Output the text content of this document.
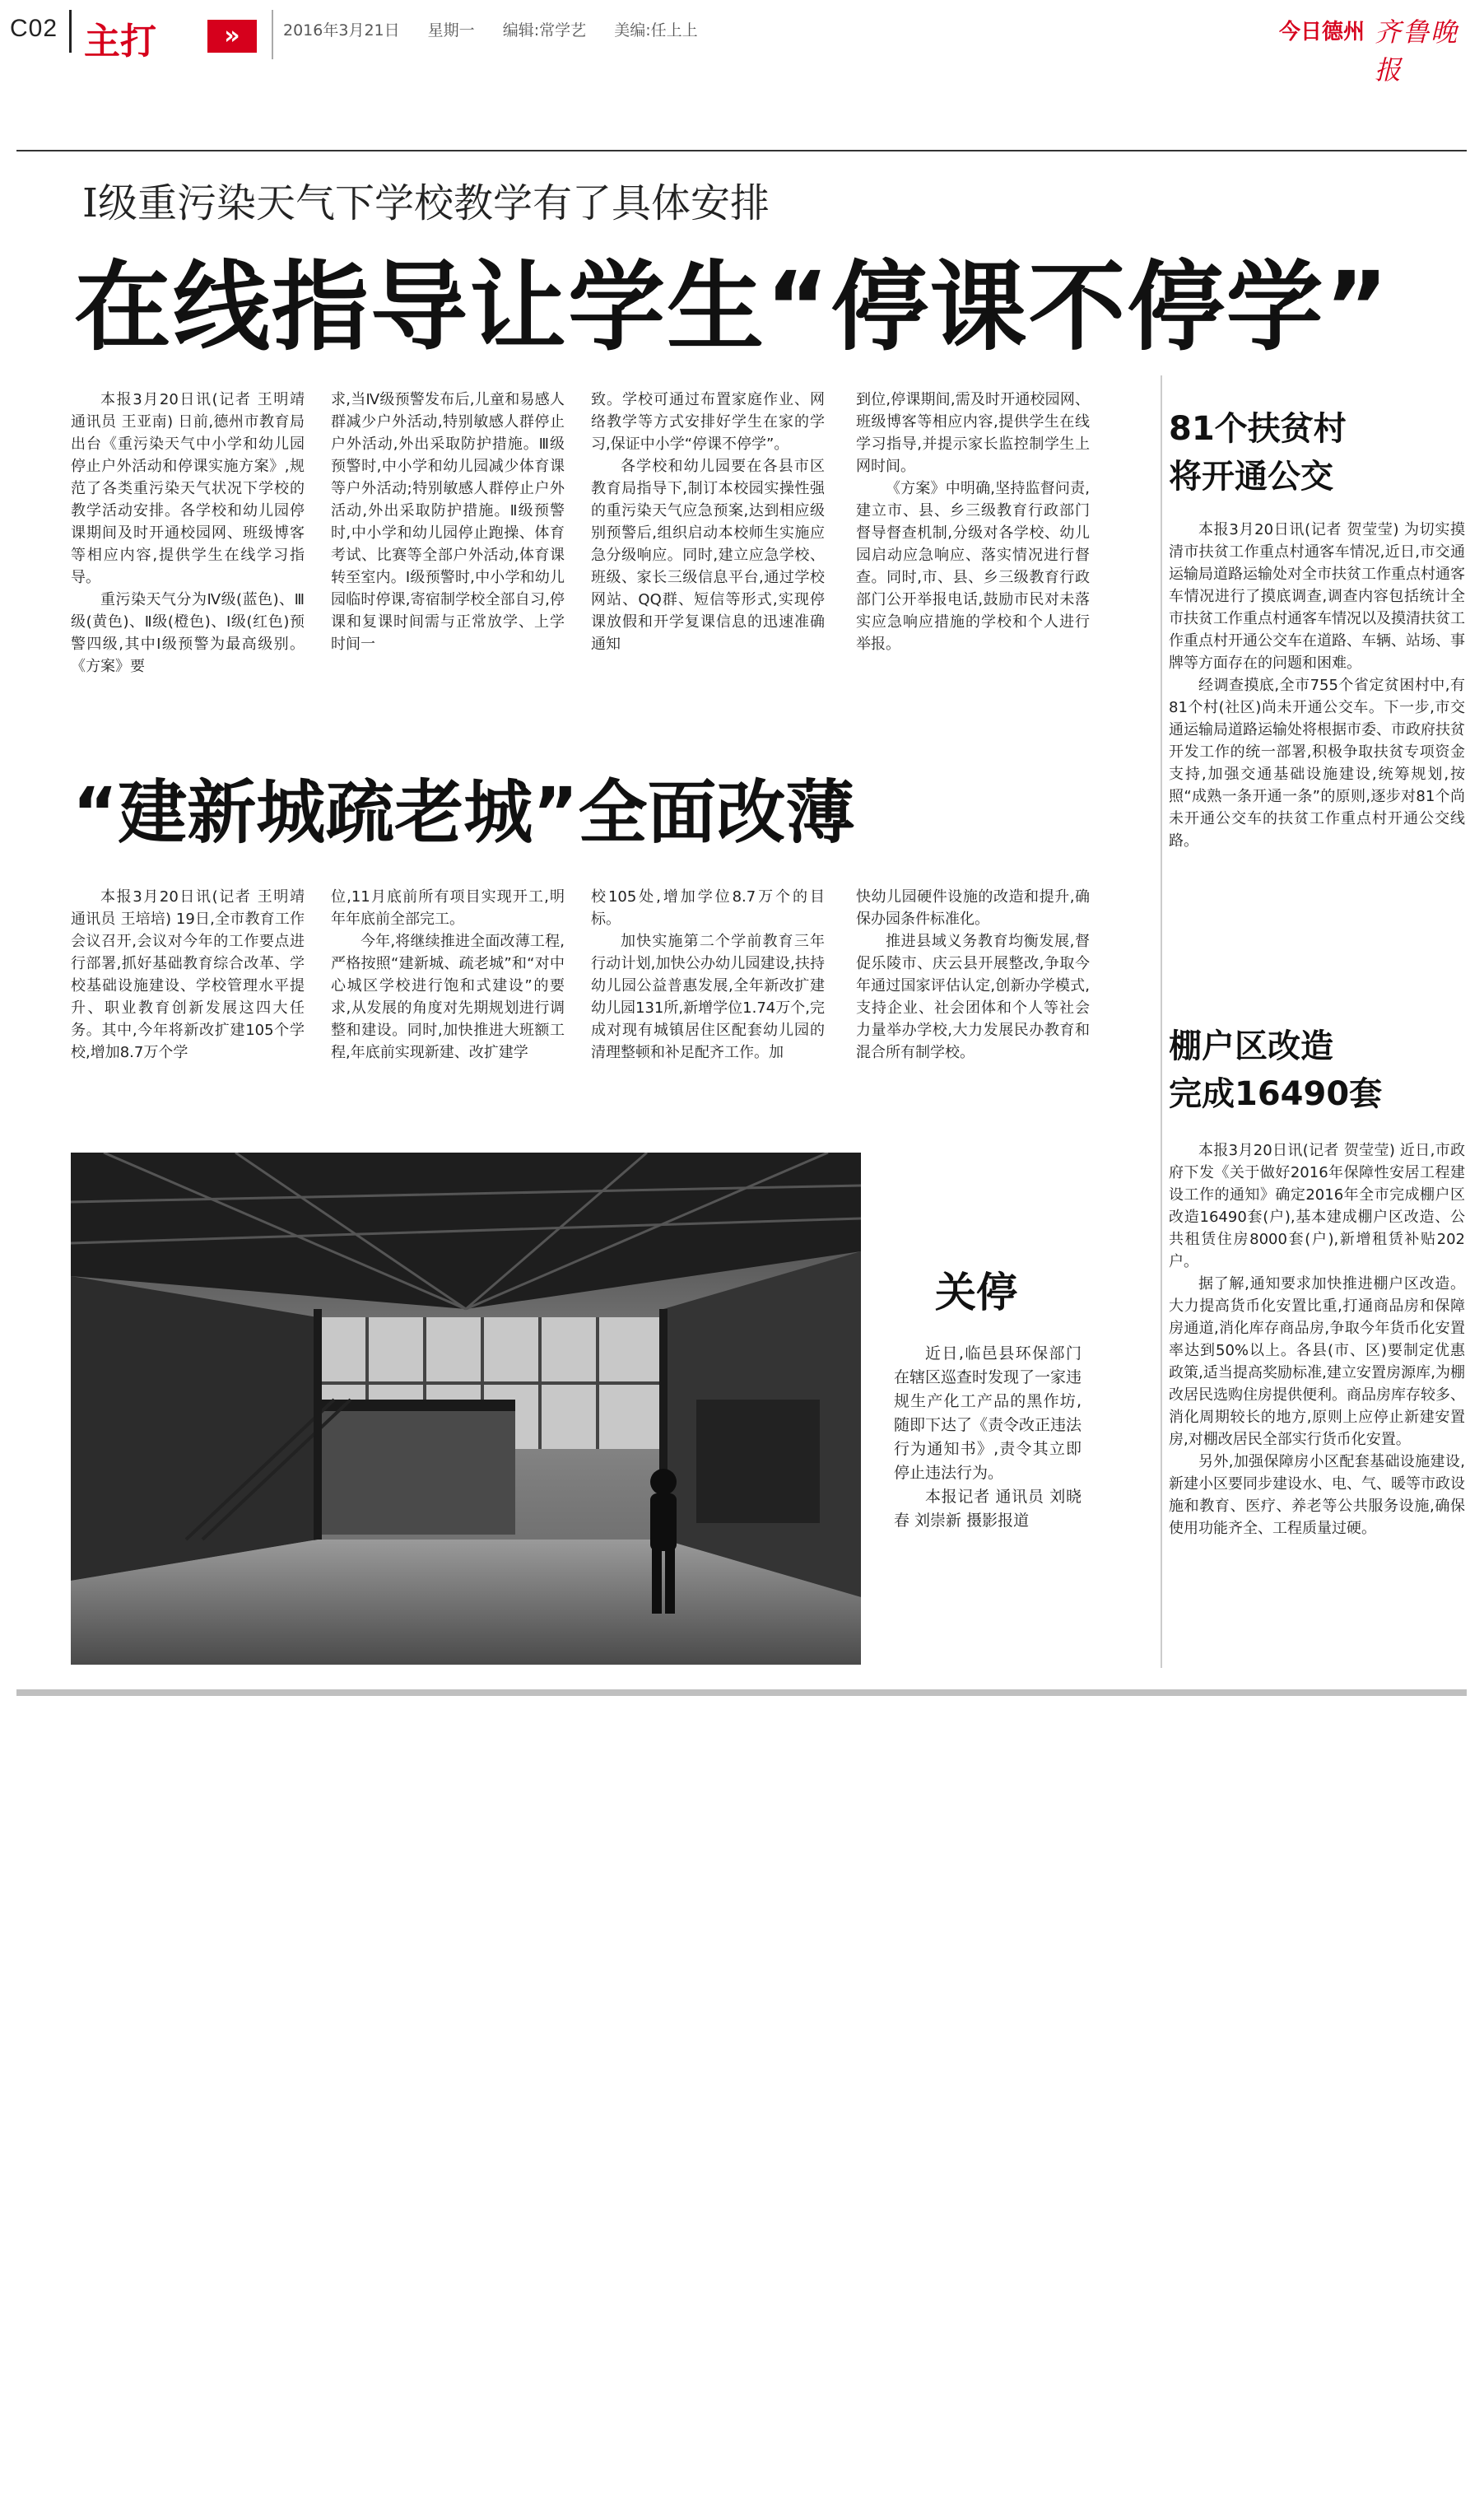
C02 主打	»	2016年3月21日 星期一 编辑:常学艺 美编:任上上	今日德州 齐鲁晚报
Ⅰ级重污染天气下学校教学有了具体安排
在线指导让学生“停课不停学”

本报3月20日讯(记者 王明靖 通讯员 王亚南) 日前,德州市教育局出台《重污染天气中小学和幼儿园停止户外活动和停课实施方案》,规范了各类重污染天气状况下学校的教学活动安排。各学校和幼儿园停课期间及时开通校园网、班级博客等相应内容,提供学生在线学习指导。

重污染天气分为Ⅳ级(蓝色)、Ⅲ级(黄色)、Ⅱ级(橙色)、Ⅰ级(红色)预警四级,其中Ⅰ级预警为最高级别。《方案》要

求,当Ⅳ级预警发布后,儿童和易感人群减少户外活动,特别敏感人群停止户外活动,外出采取防护措施。Ⅲ级预警时,中小学和幼儿园减少体育课等户外活动;特别敏感人群停止户外活动,外出采取防护措施。Ⅱ级预警时,中小学和幼儿园停止跑操、体育考试、比赛等全部户外活动,体育课转至室内。Ⅰ级预警时,中小学和幼儿园临时停课,寄宿制学校全部自习,停课和复课时间需与正常放学、上学时间一

致。学校可通过布置家庭作业、网络教学等方式安排好学生在家的学习,保证中小学“停课不停学”。

各学校和幼儿园要在各县市区教育局指导下,制订本校园实操性强的重污染天气应急预案,达到相应级别预警后,组织启动本校师生实施应急分级响应。同时,建立应急学校、班级、家长三级信息平台,通过学校网站、QQ群、短信等形式,实现停课放假和开学复课信息的迅速准确通知

到位,停课期间,需及时开通校园网、班级博客等相应内容,提供学生在线学习指导,并提示家长监控制学生上网时间。

《方案》中明确,坚持监督问责,建立市、县、乡三级教育行政部门督导督查机制,分级对各学校、幼儿园启动应急响应、落实情况进行督查。同时,市、县、乡三级教育行政部门公开举报电话,鼓励市民对未落实应急响应措施的学校和个人进行举报。

“建新城疏老城”全面改薄

本报3月20日讯(记者 王明靖 通讯员 王培培) 19日,全市教育工作会议召开,会议对今年的工作要点进行部署,抓好基础教育综合改革、学校基础设施建设、学校管理水平提升、职业教育创新发展这四大任务。其中,今年将新改扩建105个学校,增加8.7万个学

位,11月底前所有项目实现开工,明年年底前全部完工。

今年,将继续推进全面改薄工程,严格按照“建新城、疏老城”和“对中心城区学校进行饱和式建设”的要求,从发展的角度对先期规划进行调整和建设。同时,加快推进大班额工程,年底前实现新建、改扩建学

校105处,增加学位8.7万个的目标。

加快实施第二个学前教育三年行动计划,加快公办幼儿园建设,扶持幼儿园公益普惠发展,全年新改扩建幼儿园131所,新增学位1.74万个,完成对现有城镇居住区配套幼儿园的清理整顿和补足配齐工作。加

快幼儿园硬件设施的改造和提升,确保办园条件标准化。

推进县域义务教育均衡发展,督促乐陵市、庆云县开展整改,争取今年通过国家评估认定,创新办学模式,支持企业、社会团体和个人等社会力量举办学校,大力发展民办教育和混合所有制学校。

关停

近日,临邑县环保部门在辖区巡查时发现了一家违规生产化工产品的黑作坊,随即下达了《责令改正违法行为通知书》,责令其立即停止违法行为。

本报记者 通讯员 刘晓春 刘崇新 摄影报道

81个扶贫村
将开通公交

本报3月20日讯(记者 贺莹莹) 为切实摸清市扶贫工作重点村通客车情况,近日,市交通运输局道路运输处对全市扶贫工作重点村通客车情况进行了摸底调查,调查内容包括统计全市扶贫工作重点村通客车情况以及摸清扶贫工作重点村开通公交车在道路、车辆、站场、事牌等方面存在的问题和困难。

经调查摸底,全市755个省定贫困村中,有81个村(社区)尚未开通公交车。下一步,市交通运输局道路运输处将根据市委、市政府扶贫开发工作的统一部署,积极争取扶贫专项资金支持,加强交通基础设施建设,统筹规划,按照“成熟一条开通一条”的原则,逐步对81个尚未开通公交车的扶贫工作重点村开通公交线路。

棚户区改造
完成16490套

本报3月20日讯(记者 贺莹莹) 近日,市政府下发《关于做好2016年保障性安居工程建设工作的通知》确定2016年全市完成棚户区改造16490套(户),基本建成棚户区改造、公共租赁住房8000套(户),新增租赁补贴202户。

据了解,通知要求加快推进棚户区改造。大力提高货币化安置比重,打通商品房和保障房通道,消化库存商品房,争取今年货币化安置率达到50%以上。各县(市、区)要制定优惠政策,适当提高奖励标准,建立安置房源库,为棚改居民选购住房提供便利。商品房库存较多、消化周期较长的地方,原则上应停止新建安置房,对棚改居民全部实行货币化安置。

另外,加强保障房小区配套基础设施建设,新建小区要同步建设水、电、气、暖等市政设施和教育、医疗、养老等公共服务设施,确保使用功能齐全、工程质量过硬。
